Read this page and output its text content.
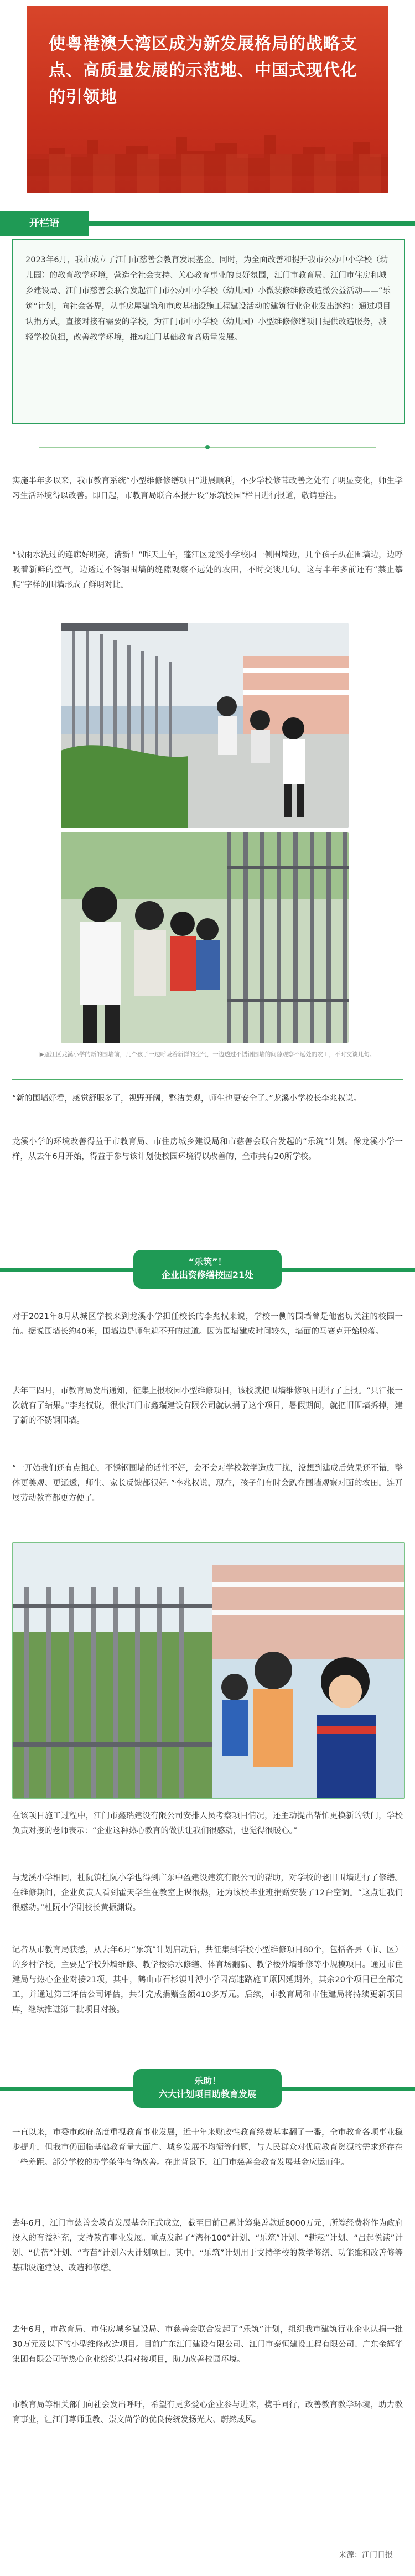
使粤港澳大湾区成为新发展格局的战略支点、高质量发展的示范地、中国式现代化的引领地
开栏语

2023年6月，我市成立了江门市慈善会教育发展基金。同时，为全面改善和提升我市公办中小学校（幼儿园）的教育教学环境，营造全社会支持、关心教育事业的良好氛围，江门市教育局、江门市住房和城乡建设局、江门市慈善会联合发起江门市公办中小学校（幼儿园）小微装修维修改造微公益活动——“乐筑”计划，向社会各界，从事房屋建筑和市政基础设施工程建设活动的建筑行业企业发出邀约：通过项目认捐方式，直接对接有需要的学校，为江门市中小学校（幼儿园）小型维修修缮项目提供改造服务，减轻学校负担，改善教学环境，推动江门基础教育高质量发展。

实施半年多以来，我市教育系统“小型维修修缮项目”进展顺利，不少学校修葺改善之处有了明显变化，师生学习生活环境得以改善。即日起，市教育局联合本报开设“乐筑校园”栏目进行报道，敬请垂注。

“被雨水洗过的连廊好明亮，清新！”昨天上午，蓬江区龙溪小学校园一侧围墙边，几个孩子趴在围墙边，边呼吸着新鲜的空气，边透过不锈钢围墙的缝隙观察不远处的农田，不时交谈几句。这与半年多前还有“禁止攀爬”字样的围墙形成了鲜明对比。

▶蓬江区龙溪小学的新的围墙前，几个孩子一边呼吸着新鲜的空气，一边透过不锈钢围墙的间隙观察不远处的农田，不时交谈几句。

“新的围墙好看，感觉舒服多了，视野开阔，整洁美观，师生也更安全了。”龙溪小学校长李兆权说。

龙溪小学的环境改善得益于市教育局、市住房城乡建设局和市慈善会联合发起的“乐筑”计划。像龙溪小学一样，从去年6月开始，得益于参与该计划使校园环境得以改善的，全市共有20所学校。

“乐筑”！
企业出资修缮校园21处

对于2021年8月从城区学校来到龙溪小学担任校长的李兆权来说，学校一侧的围墙曾是他密切关注的校园一角。据说围墙长约40米，围墙边是师生遮不开的过道。因为围墙建成时间较久，墙面的马赛克开始脱落。

去年三四月，市教育局发出通知，征集上报校园小型维修项目，该校就把围墙维修项目进行了上报。“只汇报一次就有了结果。”李兆权说，很快江门市鑫瑞建设有限公司就认捐了这个项目，暑假期间，就把旧围墙拆掉，建了新的不锈钢围墙。

“一开始我们还有点担心，不锈钢围墙的话性不好，会不会对学校教学造成干扰，没想到建成后效果还不错，整体更美观、更通透，师生、家长反馈都很好。”李兆权说，现在，孩子们有时会趴在围墙观察对面的农田，连开展劳动教育都更方便了。

在该项目施工过程中，江门市鑫瑞建设有限公司安排人员考察项目情况，还主动提出帮忙更换新的铁门，学校负责对接的老师表示：“企业这种热心教育的做法让我们很感动，也觉得很暖心。”

与龙溪小学相同，杜阮镇杜阮小学也得到广东中盈建设建筑有限公司的帮助，对学校的老旧围墙进行了修缮。在维修期间，企业负责人看到霍天学生在教室上课很热，还为该校毕业班捐赠安装了12台空调。“这点让我们很感动。”杜阮小学副校长黄振渊说。

记者从市教育局获悉，从去年6月“乐筑”计划启动后，共征集到学校小型维修项目80个，包括各县（市、区）的乡村学校，主要是学校外墙维修、教学楼涂水修缮、体育场翻新、教学楼外墙维修等小规模项目。通过市住建局与热心企业对接21项，其中，鹤山市石杉镇叶溥小学因高速路施工原因延期外，其余20个项目已全部完工，并通过第三评估公司评估，共计完成捐赠金额410多万元。后续，市教育局和市住建局将持续更新项目库，继续推进第二批项目对接。

乐助！
六大计划项目助教育发展

一直以来，市委市政府高度重视教育事业发展，近十年来财政性教育经费基本翻了一番，全市教育各项事业稳步提升，但我市仍面临基础教育量大面广、城乡发展不均衡等问题，与人民群众对优质教育资源的需求还存在一些差距。部分学校的办学条件有待改善。在此背景下，江门市慈善会教育发展基金应运而生。

去年6月，江门市慈善会教育发展基金正式成立，截至目前已累计筹集善款近8000万元，所筹经费将作为政府投入的有益补充，支持教育事业发展。重点发起了“湾杯100”计划、“乐筑”计划、“耕耘”计划、“吕起悦读”计划、“优蓓”计划、“育苗”计划六大计划项目。其中，“乐筑”计划用于支持学校的教学修缮、功能维和改善修等基础设施建设、改造和修缮。

去年6月，市教育局、市住房城乡建设局、市慈善会联合发起了“乐筑”计划，组织我市建筑行业企业认捐一批30万元及以下的小型维修改造项目。目前广东江门建设有限公司、江门市泰恒建设工程有限公司、广东金辉华集团有限公司等热心企业纷纷认捐对接项目，助力改善校园环境。

市教育局等相关部门向社会发出呼吁，希望有更多爱心企业参与进来，携手同行，改善教育教学环境，助力教育事业，让江门尊师重教、崇文尚学的优良传统发扬光大、蔚然成风。

来源：江门日报
